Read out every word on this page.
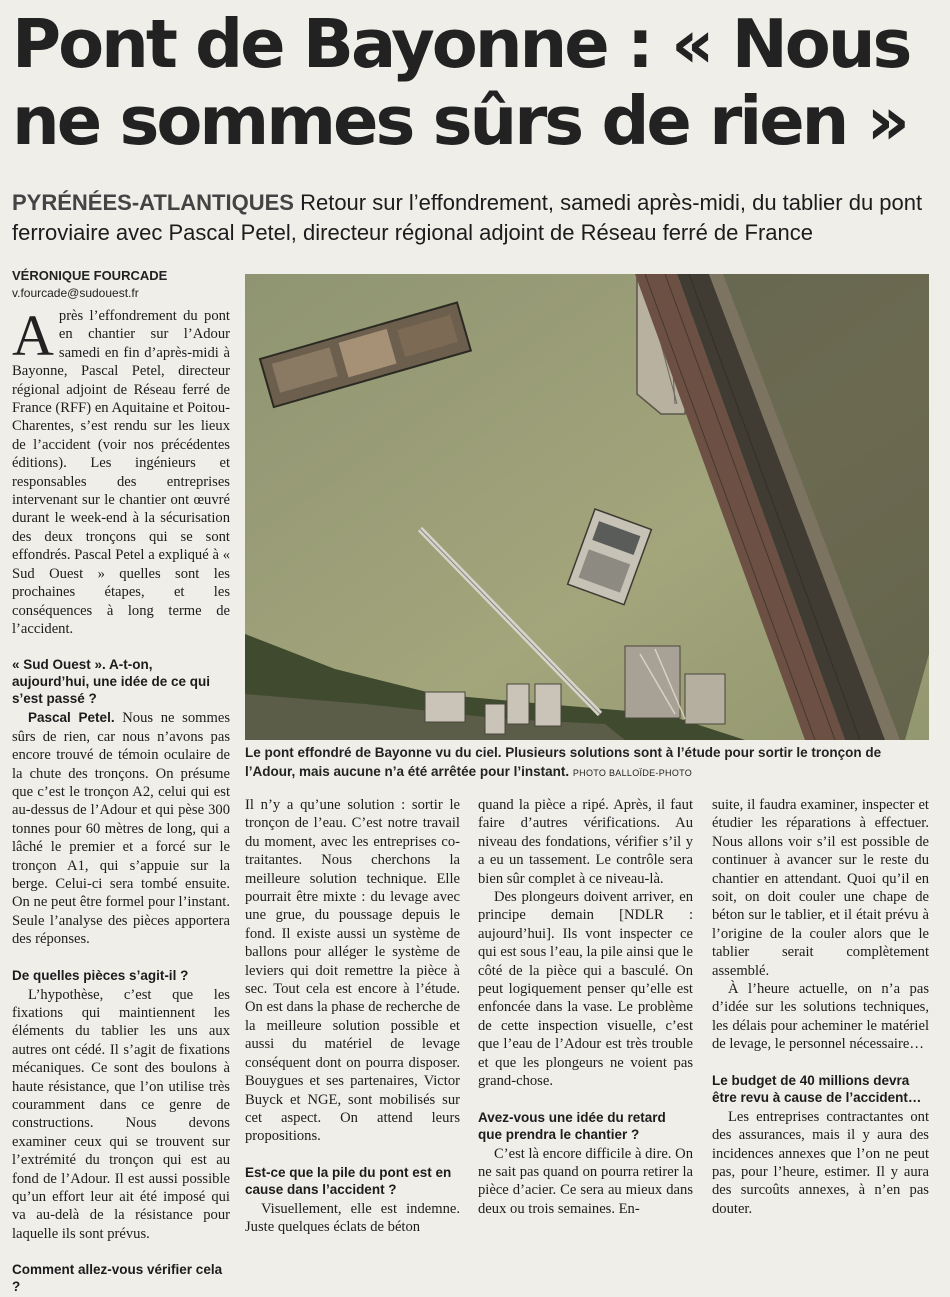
Pont de Bayonne : « Nous
ne sommes sûrs de rien »
PYRÉNÉES-ATLANTIQUES Retour sur l’effondrement, samedi après-midi, du tablier du pont ferroviaire avec Pascal Petel, directeur régional adjoint de Réseau ferré de France
VÉRONIQUE FOURCADE
v.fourcade@sudouest.fr

Après l’effondrement du pont en chantier sur l’Adour samedi en fin d’après-midi à Bayonne, Pascal Petel, directeur régional adjoint de Réseau ferré de France (RFF) en Aquitaine et Poitou-Charentes, s’est rendu sur les lieux de l’accident (voir nos précédentes éditions). Les ingénieurs et responsables des entreprises intervenant sur le chantier ont œuvré durant le week-end à la sécurisation des deux tronçons qui se sont effondrés. Pascal Petel a expliqué à « Sud Ouest » quelles sont les prochaines étapes, et les conséquences à long terme de l’accident.

« Sud Ouest ». A-t-on, aujourd’hui, une idée de ce qui s’est passé ?

Pascal Petel. Nous ne sommes sûrs de rien, car nous n’avons pas encore trouvé de témoin oculaire de la chute des tronçons. On présume que c’est le tronçon A2, celui qui est au-dessus de l’Adour et qui pèse 300 tonnes pour 60 mètres de long, qui a lâché le premier et a forcé sur le tronçon A1, qui s’appuie sur la berge. Celui-ci sera tombé ensuite. On ne peut être formel pour l’instant. Seule l’analyse des pièces apportera des réponses.

De quelles pièces s’agit-il ?

L’hypothèse, c’est que les fixations qui maintiennent les éléments du tablier les uns aux autres ont cédé. Il s’agit de fixations mécaniques. Ce sont des boulons à haute résistance, que l’on utilise très couramment dans ce genre de constructions. Nous devons examiner ceux qui se trouvent sur l’extrémité du tronçon qui est au fond de l’Adour. Il est aussi possible qu’un effort leur ait été imposé qui va au-delà de la résistance pour laquelle ils sont prévus.

Comment allez-vous vérifier cela ?

Le pont effondré de Bayonne vu du ciel. Plusieurs solutions sont à l’étude pour sortir le tronçon de l’Adour, mais aucune n’a été arrêtée pour l’instant. PHOTO BALLOÏDE-PHOTO

Il n’y a qu’une solution : sortir le tronçon de l’eau. C’est notre travail du moment, avec les entreprises co-traitantes. Nous cherchons la meilleure solution technique. Elle pourrait être mixte : du levage avec une grue, du poussage depuis le fond. Il existe aussi un système de ballons pour alléger le système de leviers qui doit remettre la pièce à sec. Tout cela est encore à l’étude. On est dans la phase de recherche de la meilleure solution possible et aussi du matériel de levage conséquent dont on pourra disposer. Bouygues et ses partenaires, Victor Buyck et NGE, sont mobilisés sur cet aspect. On attend leurs propositions.

Est-ce que la pile du pont est en cause dans l’accident ?

Visuellement, elle est indemne. Juste quelques éclats de béton

quand la pièce a ripé. Après, il faut faire d’autres vérifications. Au niveau des fondations, vérifier s’il y a eu un tassement. Le contrôle sera bien sûr complet à ce niveau-là.

Des plongeurs doivent arriver, en principe demain [NDLR : aujourd’hui]. Ils vont inspecter ce qui est sous l’eau, la pile ainsi que le côté de la pièce qui a basculé. On peut logiquement penser qu’elle est enfoncée dans la vase. Le problème de cette inspection visuelle, c’est que l’eau de l’Adour est très trouble et que les plongeurs ne voient pas grand-chose.

Avez-vous une idée du retard que prendra le chantier ?

C’est là encore difficile à dire. On ne sait pas quand on pourra retirer la pièce d’acier. Ce sera au mieux dans deux ou trois semaines. En-

suite, il faudra examiner, inspecter et étudier les réparations à effectuer. Nous allons voir s’il est possible de continuer à avancer sur le reste du chantier en attendant. Quoi qu’il en soit, on doit couler une chape de béton sur le tablier, et il était prévu à l’origine de la couler alors que le tablier serait complètement assemblé.

À l’heure actuelle, on n’a pas d’idée sur les solutions techniques, les délais pour acheminer le matériel de levage, le personnel nécessaire…

Le budget de 40 millions devra être revu à cause de l’accident…

Les entreprises contractantes ont des assurances, mais il y aura des incidences annexes que l’on ne peut pas, pour l’heure, estimer. Il y aura des surcoûts annexes, à n’en pas douter.
